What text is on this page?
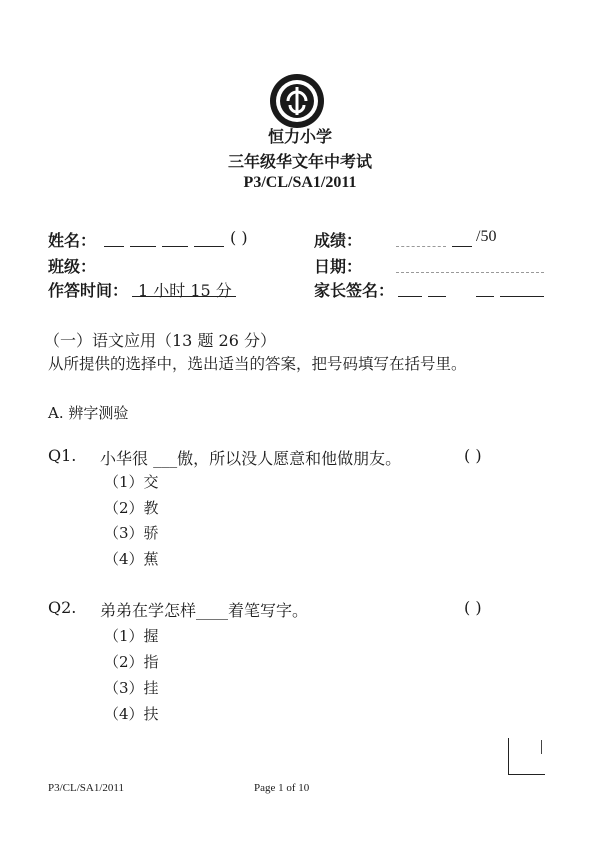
恒力小学
三年级华文年中考试
P3/CL/SA1/2011
姓名：	( )
班级：
作答时间： 1 小时 15 分
成绩：	/50
日期：
家长签名：
（一）语文应用（13 题 26 分）
从所提供的选择中，选出适当的答案，把号码填写在括号里。
A. 辨字测验
Q1. 小华很 ___傲，所以没人愿意和他做朋友。	( )
（1）交
（2）教
（3）骄
（4）蕉
Q2. 弟弟在学怎样____着笔写字。	( )
（1）握
（2）指
（3）挂
（4）扶
P3/CL/SA1/2011	Page 1 of 10
